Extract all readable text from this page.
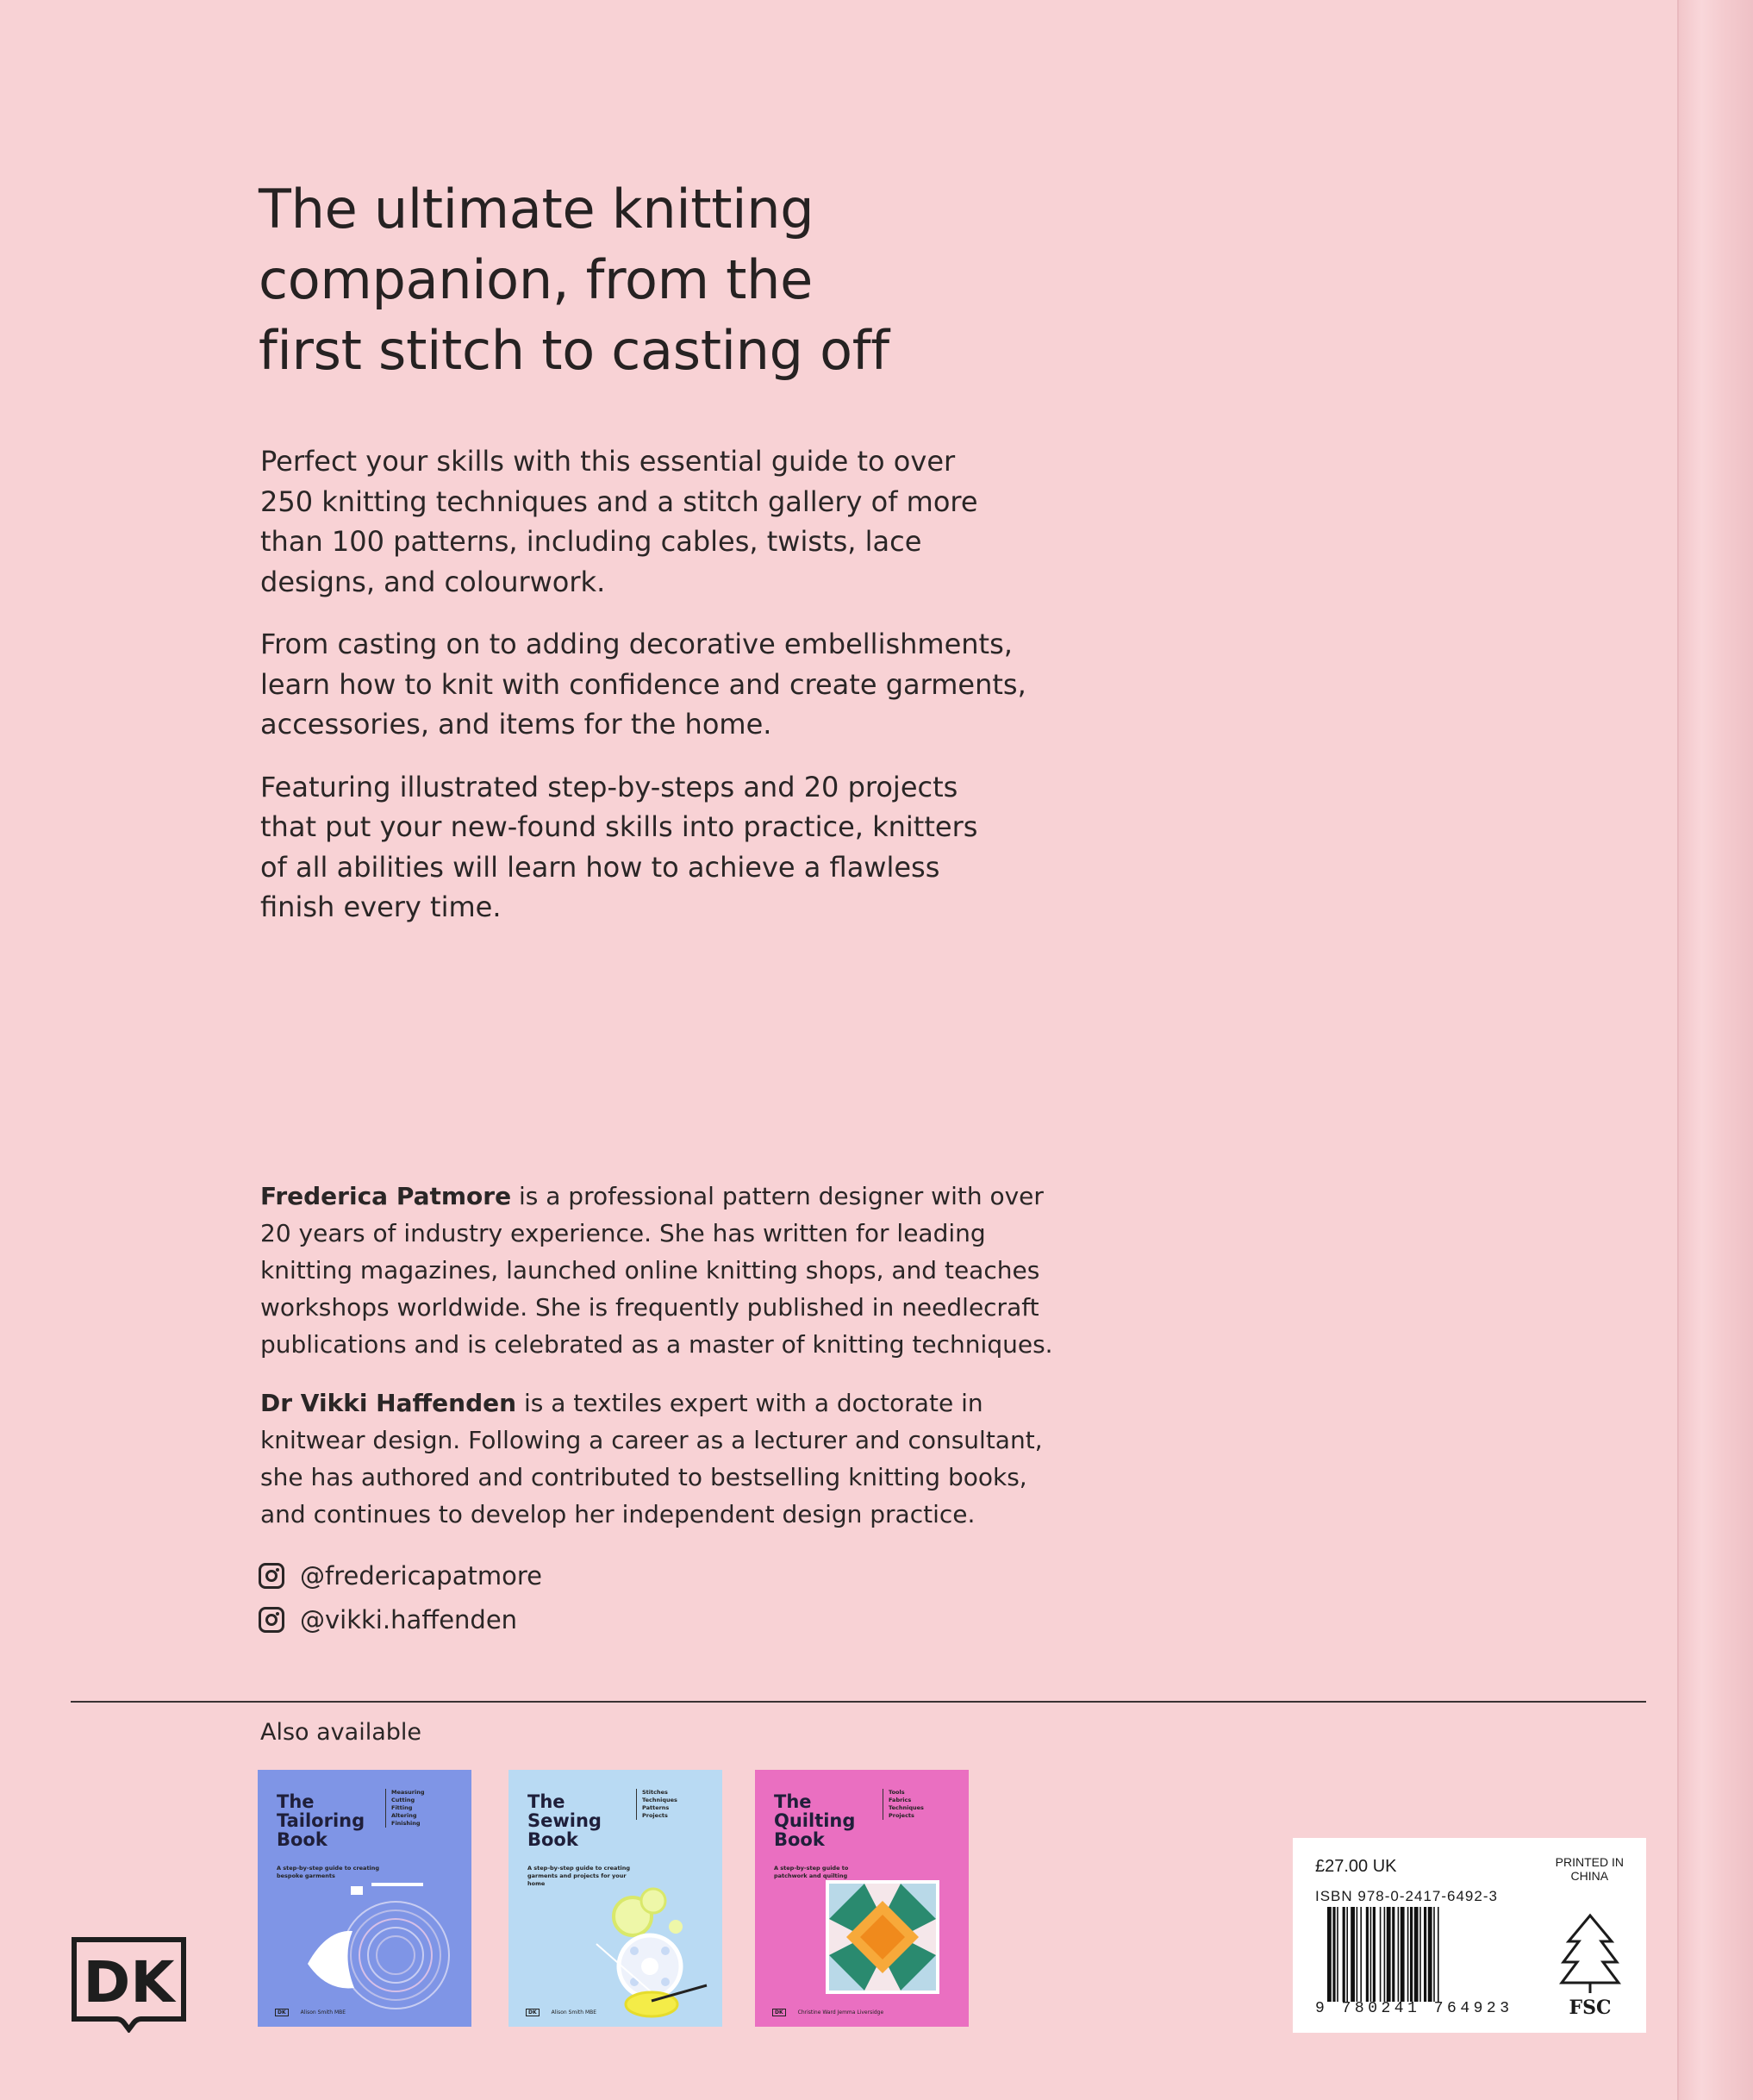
The ultimate knitting
companion, from the
first stitch to casting off

Perfect your skills with this essential guide to over
250 knitting techniques and a stitch gallery of more
than 100 patterns, including cables, twists, lace
designs, and colourwork.

From casting on to adding decorative embellishments,
learn how to knit with confidence and create garments,
accessories, and items for the home.

Featuring illustrated step-by-steps and 20 projects
that put your new-found skills into practice, knitters
of all abilities will learn how to achieve a flawless
finish every time.

Frederica Patmore is a professional pattern designer with over
20 years of industry experience. She has written for leading
knitting magazines, launched online knitting shops, and teaches
workshops worldwide. She is frequently published in needlecraft
publications and is celebrated as a master of knitting techniques.

Dr Vikki Haffenden is a textiles expert with a doctorate in
knitwear design. Following a career as a lecturer and consultant,
she has authored and contributed to bestselling knitting books,
and continues to develop her independent design practice.

@fredericapatmore
@vikki.haffenden
Also available
The
Tailoring
Book
Measuring
Cutting
Fitting
Altering
Finishing
A step-by-step guide to creating bespoke garments
DK	Alison Smith MBE
The
Sewing
Book
Stitches
Techniques
Patterns
Projects
A step-by-step guide to creating garments and projects for your home
DK	Alison Smith MBE
The
Quilting
Book
Tools
Fabrics
Techniques
Projects
A step-by-step guide to patchwork and quilting
DK	Christine Ward Jemma Liversidge
DK
£27.00 UK	PRINTED IN
CHINA
ISBN 978-0-2417-6492-3
9 780241 764923	FSC
